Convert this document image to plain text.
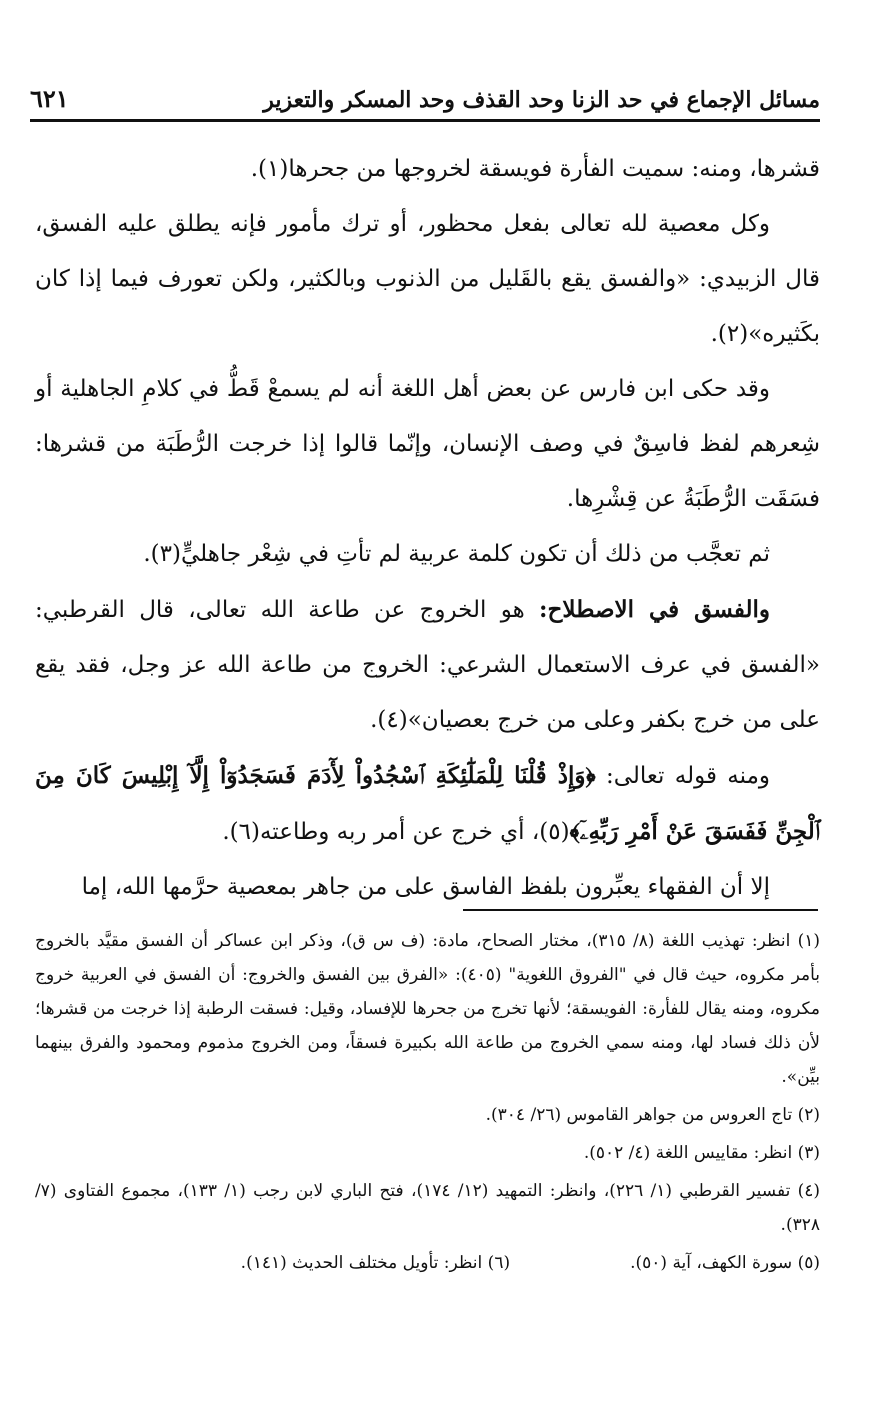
مسائل الإجماع في حد الزنا وحد القذف وحد المسكر والتعزير
٦٢١

قشرها، ومنه: سميت الفأرة فويسقة لخروجها من جحرها(١).

وكل معصية لله تعالى بفعل محظور، أو ترك مأمور فإنه يطلق عليه الفسق، قال الزبيدي: «والفسق يقع بالقَليل من الذنوب وبالكثير، ولكن تعورف فيما إذا كان بكَثيره»(٢).

وقد حكى ابن فارس عن بعض أهل اللغة أنه لم يسمعْ قَطُّ في كلامِ الجاهلية أو شِعرهم لفظ فاسِقٌ في وصف الإنسان، وإنّما قالوا إذا خرجت الرُّطَبَة من قشرها: فسَقَت الرُّطَبَةُ عن قِشْرِها.

ثم تعجَّب من ذلك أن تكون كلمة عربية لم تأتِ في شِعْر جاهليٍّ(٣).

والفسق في الاصطلاح: هو الخروج عن طاعة الله تعالى، قال القرطبي: «الفسق في عرف الاستعمال الشرعي: الخروج من طاعة الله عز وجل، فقد يقع على من خرج بكفر وعلى من خرج بعصيان»(٤).

ومنه قوله تعالى: ﴿وَإِذْ قُلْنَا لِلْمَلَٰٓئِكَةِ ٱسْجُدُواْ لِأٓدَمَ فَسَجَدُوٓاْ إِلَّآ إِبْلِيسَ كَانَ مِنَ ٱلْجِنِّ فَفَسَقَ عَنْ أَمْرِ رَبِّهِۦٓ﴾(٥)، أي خرج عن أمر ربه وطاعته(٦).

إلا أن الفقهاء يعبِّرون بلفظ الفاسق على من جاهر بمعصية حرَّمها الله، إما

(١) انظر: تهذيب اللغة (٨/ ٣١٥)، مختار الصحاح، مادة: (ف س ق)، وذكر ابن عساكر أن الفسق مقيَّد بالخروج بأمر مكروه، حيث قال في "الفروق اللغوية" (٤٠٥): «الفرق بين الفسق والخروج: أن الفسق في العربية خروج مكروه، ومنه يقال للفأرة: الفويسقة؛ لأنها تخرج من جحرها للإفساد، وقيل: فسقت الرطبة إذا خرجت من قشرها؛ لأن ذلك فساد لها، ومنه سمي الخروج من طاعة الله بكبيرة فسقاً، ومن الخروج مذموم ومحمود والفرق بينهما بيِّن».

(٢) تاج العروس من جواهر القاموس (٢٦/ ٣٠٤).

(٣) انظر: مقاييس اللغة (٤/ ٥٠٢).

(٤) تفسير القرطبي (١/ ٢٢٦)، وانظر: التمهيد (١٢/ ١٧٤)، فتح الباري لابن رجب (١/ ١٣٣)، مجموع الفتاوى (٧/ ٣٢٨).

(٥) سورة الكهف، آية (٥٠).
(٦) انظر: تأويل مختلف الحديث (١٤١).
